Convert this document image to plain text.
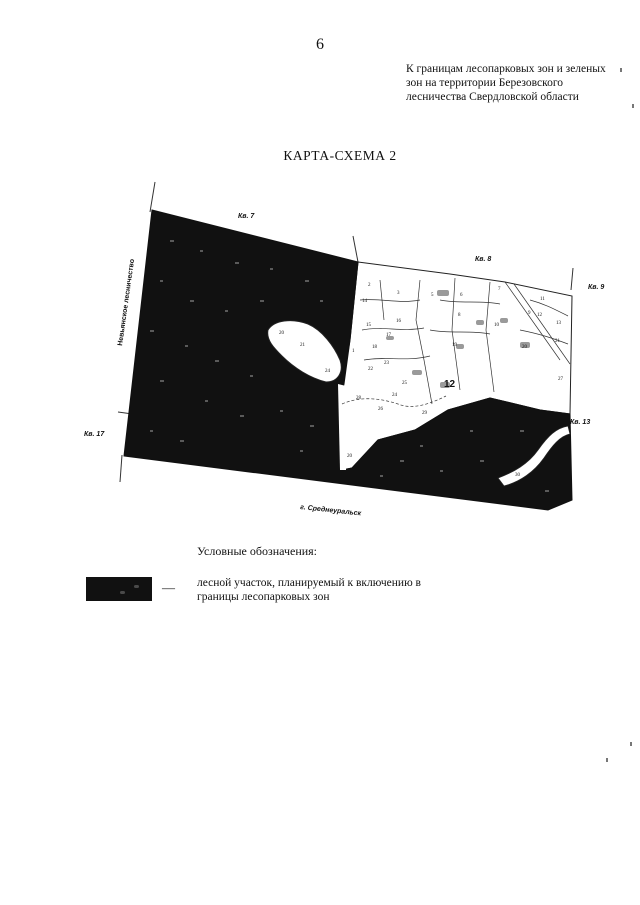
6
К границам лесопарковых зон и зеленых
зон на территории Березовского
лесничества Свердловской области
КАРТА-СХЕМА 2
2
3	5	6
7
8	9
10
11
12
13
14
15
16
17
18	19	20
21
22
23
24
25
26
27
28
29
30
20
20
21
24
1
12
Кв. 7
Кв. 8
Кв. 9
Кв. 13
Кв. 17
Невьянское лесничество
г. Среднеуральск
Условные обозначения:
— лесной участок, планируемый к включению в
границы лесопарковых зон
